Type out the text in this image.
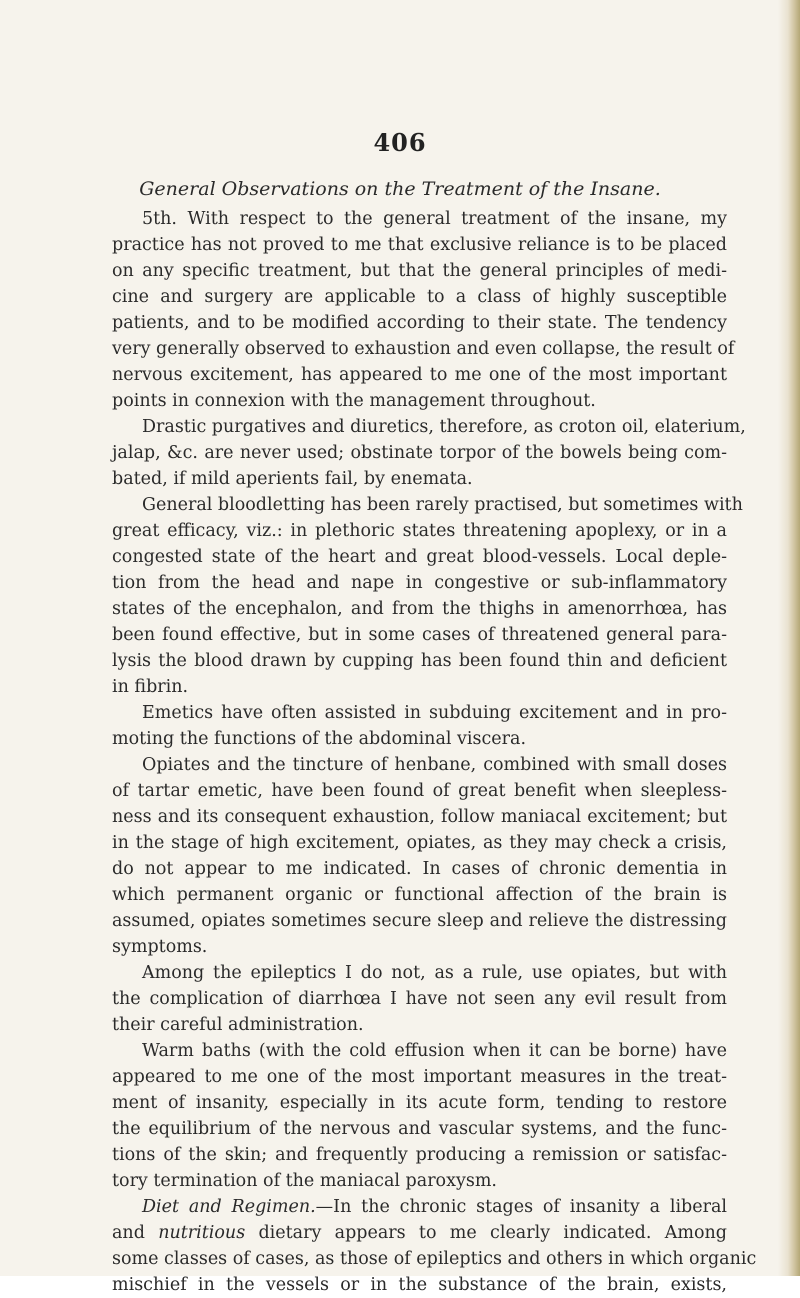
406
General Observations on the Treatment of the Insane.
5th. With respect to the general treatment of the insane, my
practice has not proved to me that exclusive reliance is to be placed
on any specific treatment, but that the general principles of medi-
cine and surgery are applicable to a class of highly susceptible
patients, and to be modified according to their state. The tendency
very generally observed to exhaustion and even collapse, the result of
nervous excitement, has appeared to me one of the most important
points in connexion with the management throughout.
Drastic purgatives and diuretics, therefore, as croton oil, elaterium,
jalap, &c. are never used; obstinate torpor of the bowels being com-
bated, if mild aperients fail, by enemata.
General bloodletting has been rarely practised, but sometimes with
great efficacy, viz.: in plethoric states threatening apoplexy, or in a
congested state of the heart and great blood-vessels. Local deple-
tion from the head and nape in congestive or sub-inflammatory
states of the encephalon, and from the thighs in amenorrhœa, has
been found effective, but in some cases of threatened general para-
lysis the blood drawn by cupping has been found thin and deficient
in fibrin.
Emetics have often assisted in subduing excitement and in pro-
moting the functions of the abdominal viscera.
Opiates and the tincture of henbane, combined with small doses
of tartar emetic, have been found of great benefit when sleepless-
ness and its consequent exhaustion, follow maniacal excitement; but
in the stage of high excitement, opiates, as they may check a crisis,
do not appear to me indicated. In cases of chronic dementia in
which permanent organic or functional affection of the brain is
assumed, opiates sometimes secure sleep and relieve the distressing
symptoms.
Among the epileptics I do not, as a rule, use opiates, but with
the complication of diarrhœa I have not seen any evil result from
their careful administration.
Warm baths (with the cold effusion when it can be borne) have
appeared to me one of the most important measures in the treat-
ment of insanity, especially in its acute form, tending to restore
the equilibrium of the nervous and vascular systems, and the func-
tions of the skin; and frequently producing a remission or satisfac-
tory termination of the maniacal paroxysm.
Diet and Regimen.—In the chronic stages of insanity a liberal
and nutritious dietary appears to me clearly indicated. Among
some classes of cases, as those of epileptics and others in which organic
mischief in the vessels or in the substance of the brain, exists,
